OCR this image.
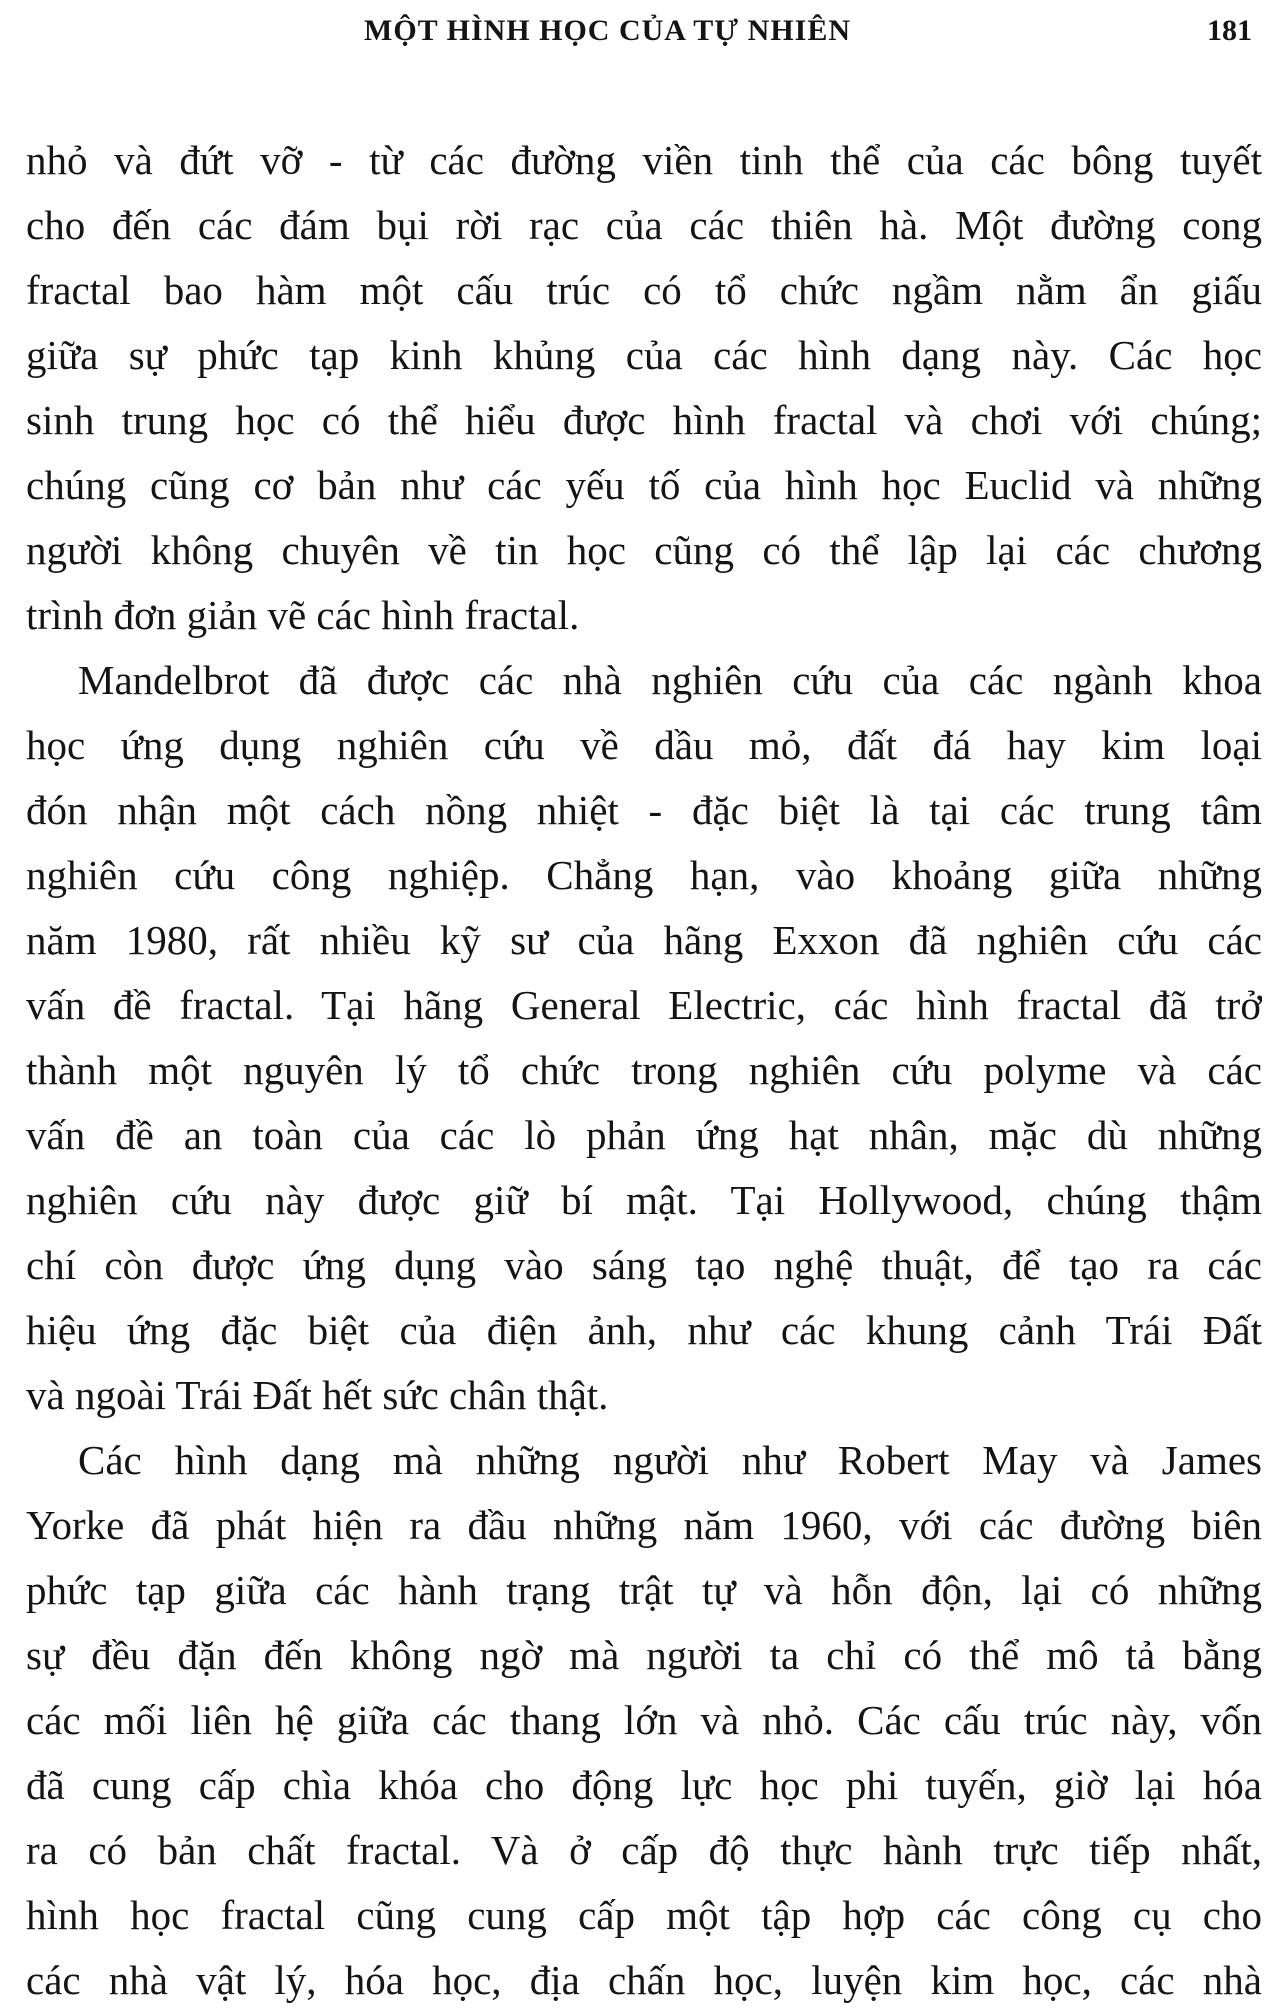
MỘT HÌNH HỌC CỦA TỰ NHIÊN	181
nhỏ và đứt vỡ - từ các đường viền tinh thể của các bông tuyết
cho đến các đám bụi rời rạc của các thiên hà. Một đường cong
fractal bao hàm một cấu trúc có tổ chức ngầm nằm ẩn giấu
giữa sự phức tạp kinh khủng của các hình dạng này. Các học
sinh trung học có thể hiểu được hình fractal và chơi với chúng;
chúng cũng cơ bản như các yếu tố của hình học Euclid và những
người không chuyên về tin học cũng có thể lập lại các chương
trình đơn giản vẽ các hình fractal.
Mandelbrot đã được các nhà nghiên cứu của các ngành khoa
học ứng dụng nghiên cứu về dầu mỏ, đất đá hay kim loại
đón nhận một cách nồng nhiệt - đặc biệt là tại các trung tâm
nghiên cứu công nghiệp. Chẳng hạn, vào khoảng giữa những
năm 1980, rất nhiều kỹ sư của hãng Exxon đã nghiên cứu các
vấn đề fractal. Tại hãng General Electric, các hình fractal đã trở
thành một nguyên lý tổ chức trong nghiên cứu polyme và các
vấn đề an toàn của các lò phản ứng hạt nhân, mặc dù những
nghiên cứu này được giữ bí mật. Tại Hollywood, chúng thậm
chí còn được ứng dụng vào sáng tạo nghệ thuật, để tạo ra các
hiệu ứng đặc biệt của điện ảnh, như các khung cảnh Trái Đất
và ngoài Trái Đất hết sức chân thật.
Các hình dạng mà những người như Robert May và James
Yorke đã phát hiện ra đầu những năm 1960, với các đường biên
phức tạp giữa các hành trạng trật tự và hỗn độn, lại có những
sự đều đặn đến không ngờ mà người ta chỉ có thể mô tả bằng
các mối liên hệ giữa các thang lớn và nhỏ. Các cấu trúc này, vốn
đã cung cấp chìa khóa cho động lực học phi tuyến, giờ lại hóa
ra có bản chất fractal. Và ở cấp độ thực hành trực tiếp nhất,
hình học fractal cũng cung cấp một tập hợp các công cụ cho
các nhà vật lý, hóa học, địa chấn học, luyện kim học, các nhà
